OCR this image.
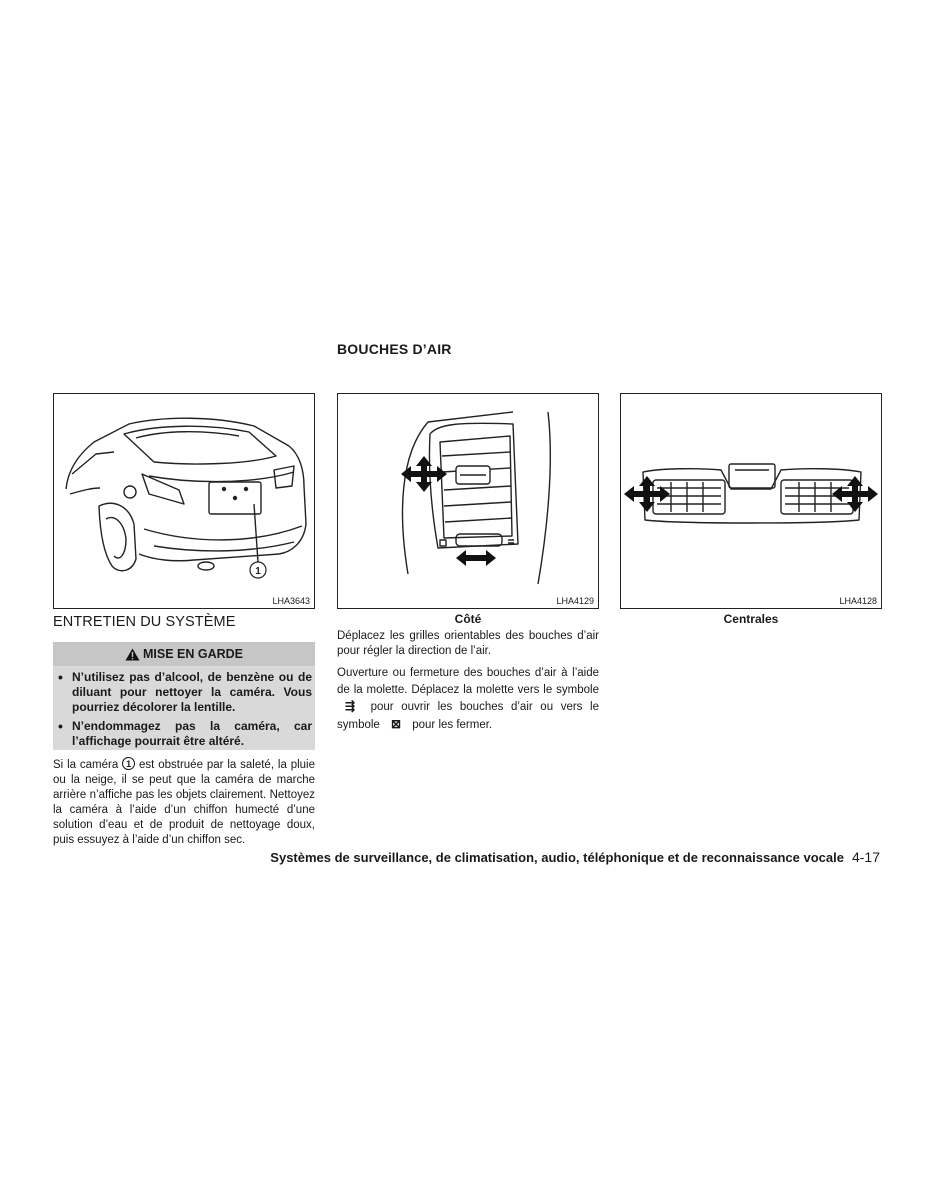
BOUCHES D’AIR
1
LHA3643	LHA4129	LHA4128
Côté	Centrales
ENTRETIEN DU SYSTÈME
MISE EN GARDE
• N’utilisez pas d’alcool, de benzène ou de diluant pour nettoyer la caméra. Vous pourriez décolorer la lentille.
• N’endommagez pas la caméra, car l’affichage pourrait être altéré.
Si la caméra 1 est obstruée par la saleté, la pluie ou la neige, il se peut que la caméra de marche arrière n’affiche pas les objets clairement. Nettoyez la caméra à l’aide d’un chiffon humecté d’une solution d’eau et de produit de nettoyage doux, puis essuyez à l’aide d’un chiffon sec.
Déplacez les grilles orientables des bouches d’air pour régler la direction de l’air.
Ouverture ou fermeture des bouches d’air à l’aide de la molette. Déplacez la molette vers le symbole ⇶ pour ouvrir les bouches d’air ou vers le symbole ⊠ pour les fermer.
Systèmes de surveillance, de climatisation, audio, téléphonique et de reconnaissance vocale 4-17
